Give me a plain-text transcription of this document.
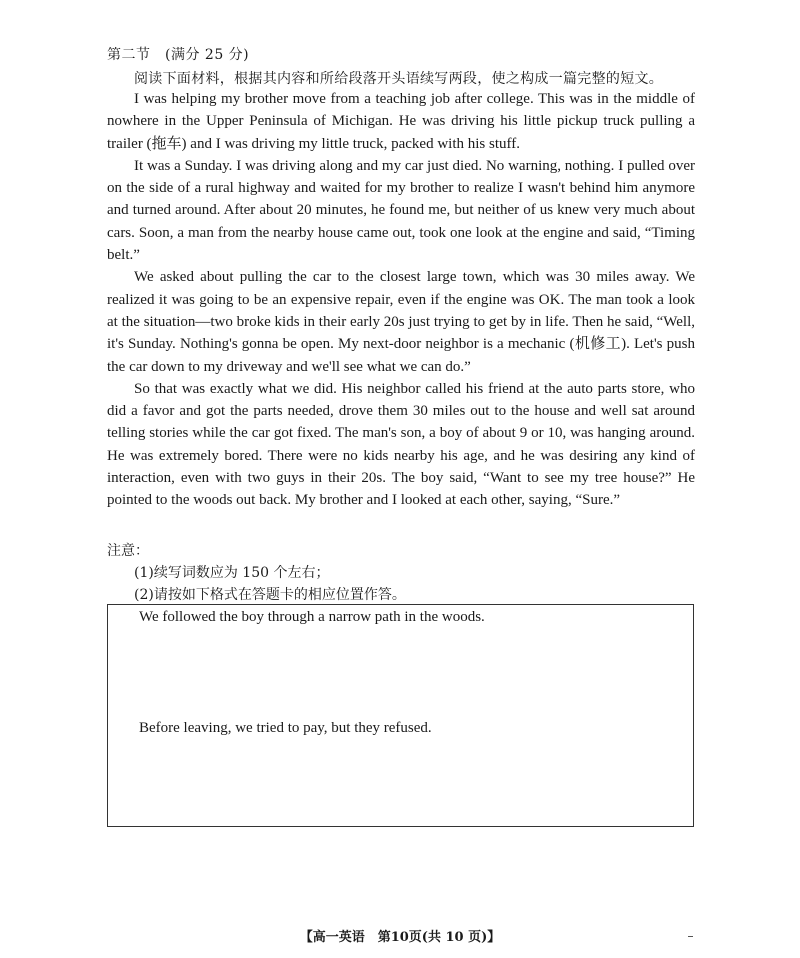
第二节　(满分 25 分)
阅读下面材料，根据其内容和所给段落开头语续写两段，使之构成一篇完整的短文。

I was helping my brother move from a teaching job after college. This was in the middle of nowhere in the Upper Peninsula of Michigan. He was driving his little pickup truck pulling a trailer (拖车) and I was driving my little truck, packed with his stuff.

It was a Sunday. I was driving along and my car just died. No warning, nothing. I pulled over on the side of a rural highway and waited for my brother to realize I wasn't behind him anymore and turned around. After about 20 minutes, he found me, but neither of us knew very much about cars. Soon, a man from the nearby house came out, took one look at the engine and said, “Timing belt.”

We asked about pulling the car to the closest large town, which was 30 miles away. We realized it was going to be an expensive repair, even if the engine was OK. The man took a look at the situation—two broke kids in their early 20s just trying to get by in life. Then he said, “Well, it's Sunday. Nothing's gonna be open. My next-door neighbor is a mechanic (机修工). Let's push the car down to my driveway and we'll see what we can do.”

So that was exactly what we did. His neighbor called his friend at the auto parts store, who did a favor and got the parts needed, drove them 30 miles out to the house and well sat around telling stories while the car got fixed. The man's son, a boy of about 9 or 10, was hanging around. He was extremely bored. There were no kids nearby his age, and he was desiring any kind of interaction, even with two guys in their 20s. The boy said, “Want to see my tree house?” He pointed to the woods out back. My brother and I looked at each other, saying, “Sure.”

注意：
(1)续写词数应为 150 个左右；
(2)请按如下格式在答题卡的相应位置作答。
We followed the boy through a narrow path in the woods.
Before leaving, we tried to pay, but they refused.
【高一英语　第10页(共 10 页)】
